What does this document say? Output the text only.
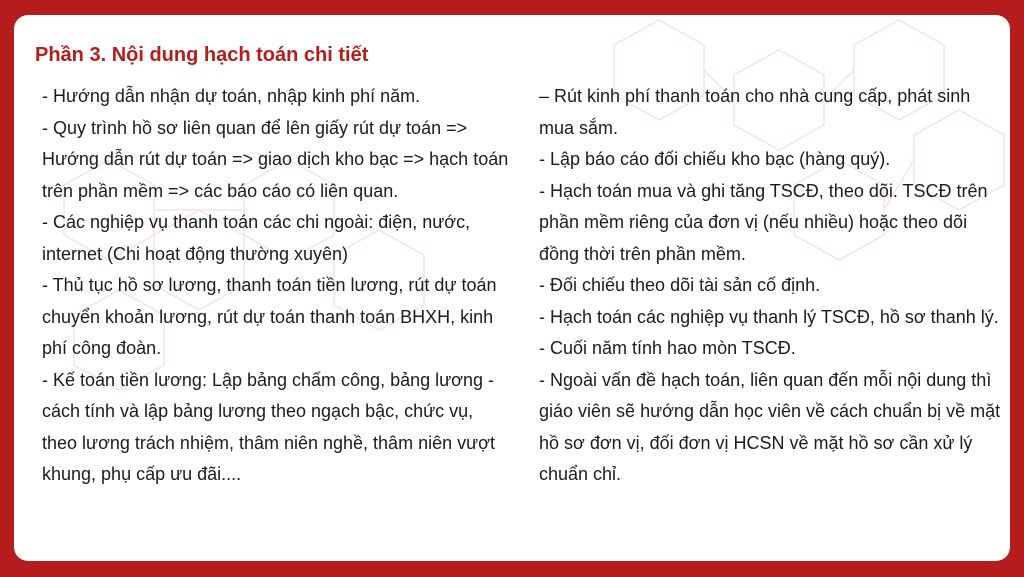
Phần 3. Nội dung hạch toán chi tiết

- Hướng dẫn nhận dự toán, nhập kinh phí năm.

- Quy trình hồ sơ liên quan để lên giấy rút dự toán => Hướng dẫn rút dự toán => giao dịch kho bạc => hạch toán trên phần mềm => các báo cáo có liên quan.

- Các nghiệp vụ thanh toán các chi ngoài: điện, nước, internet (Chi hoạt động thường xuyên)

- Thủ tục hồ sơ lương, thanh toán tiền lương, rút dự toán chuyển khoản lương, rút dự toán thanh toán BHXH, kinh phí công đoàn.

- Kế toán tiền lương: Lập bảng chấm công, bảng lương - cách tính và lập bảng lương theo ngạch bậc, chức vụ, theo lương trách nhiệm, thâm niên nghề, thâm niên vượt khung, phụ cấp ưu đãi....

– Rút kinh phí thanh toán cho nhà cung cấp, phát sinh mua sắm.

- Lập báo cáo đối chiếu kho bạc (hàng quý).

- Hạch toán mua và ghi tăng TSCĐ, theo dõi. TSCĐ trên phần mềm riêng của đơn vị (nếu nhiều) hoặc theo dõi đồng thời trên phần mềm.

- Đối chiếu theo dõi tài sản cố định.

- Hạch toán các nghiệp vụ thanh lý TSCĐ, hồ sơ thanh lý.

- Cuối năm tính hao mòn TSCĐ.

- Ngoài vấn đề hạch toán, liên quan đến mỗi nội dung thì giáo viên sẽ hướng dẫn học viên về cách chuẩn bị về mặt hồ sơ đơn vị, đối đơn vị HCSN về mặt hồ sơ cần xử lý chuẩn chỉ.
